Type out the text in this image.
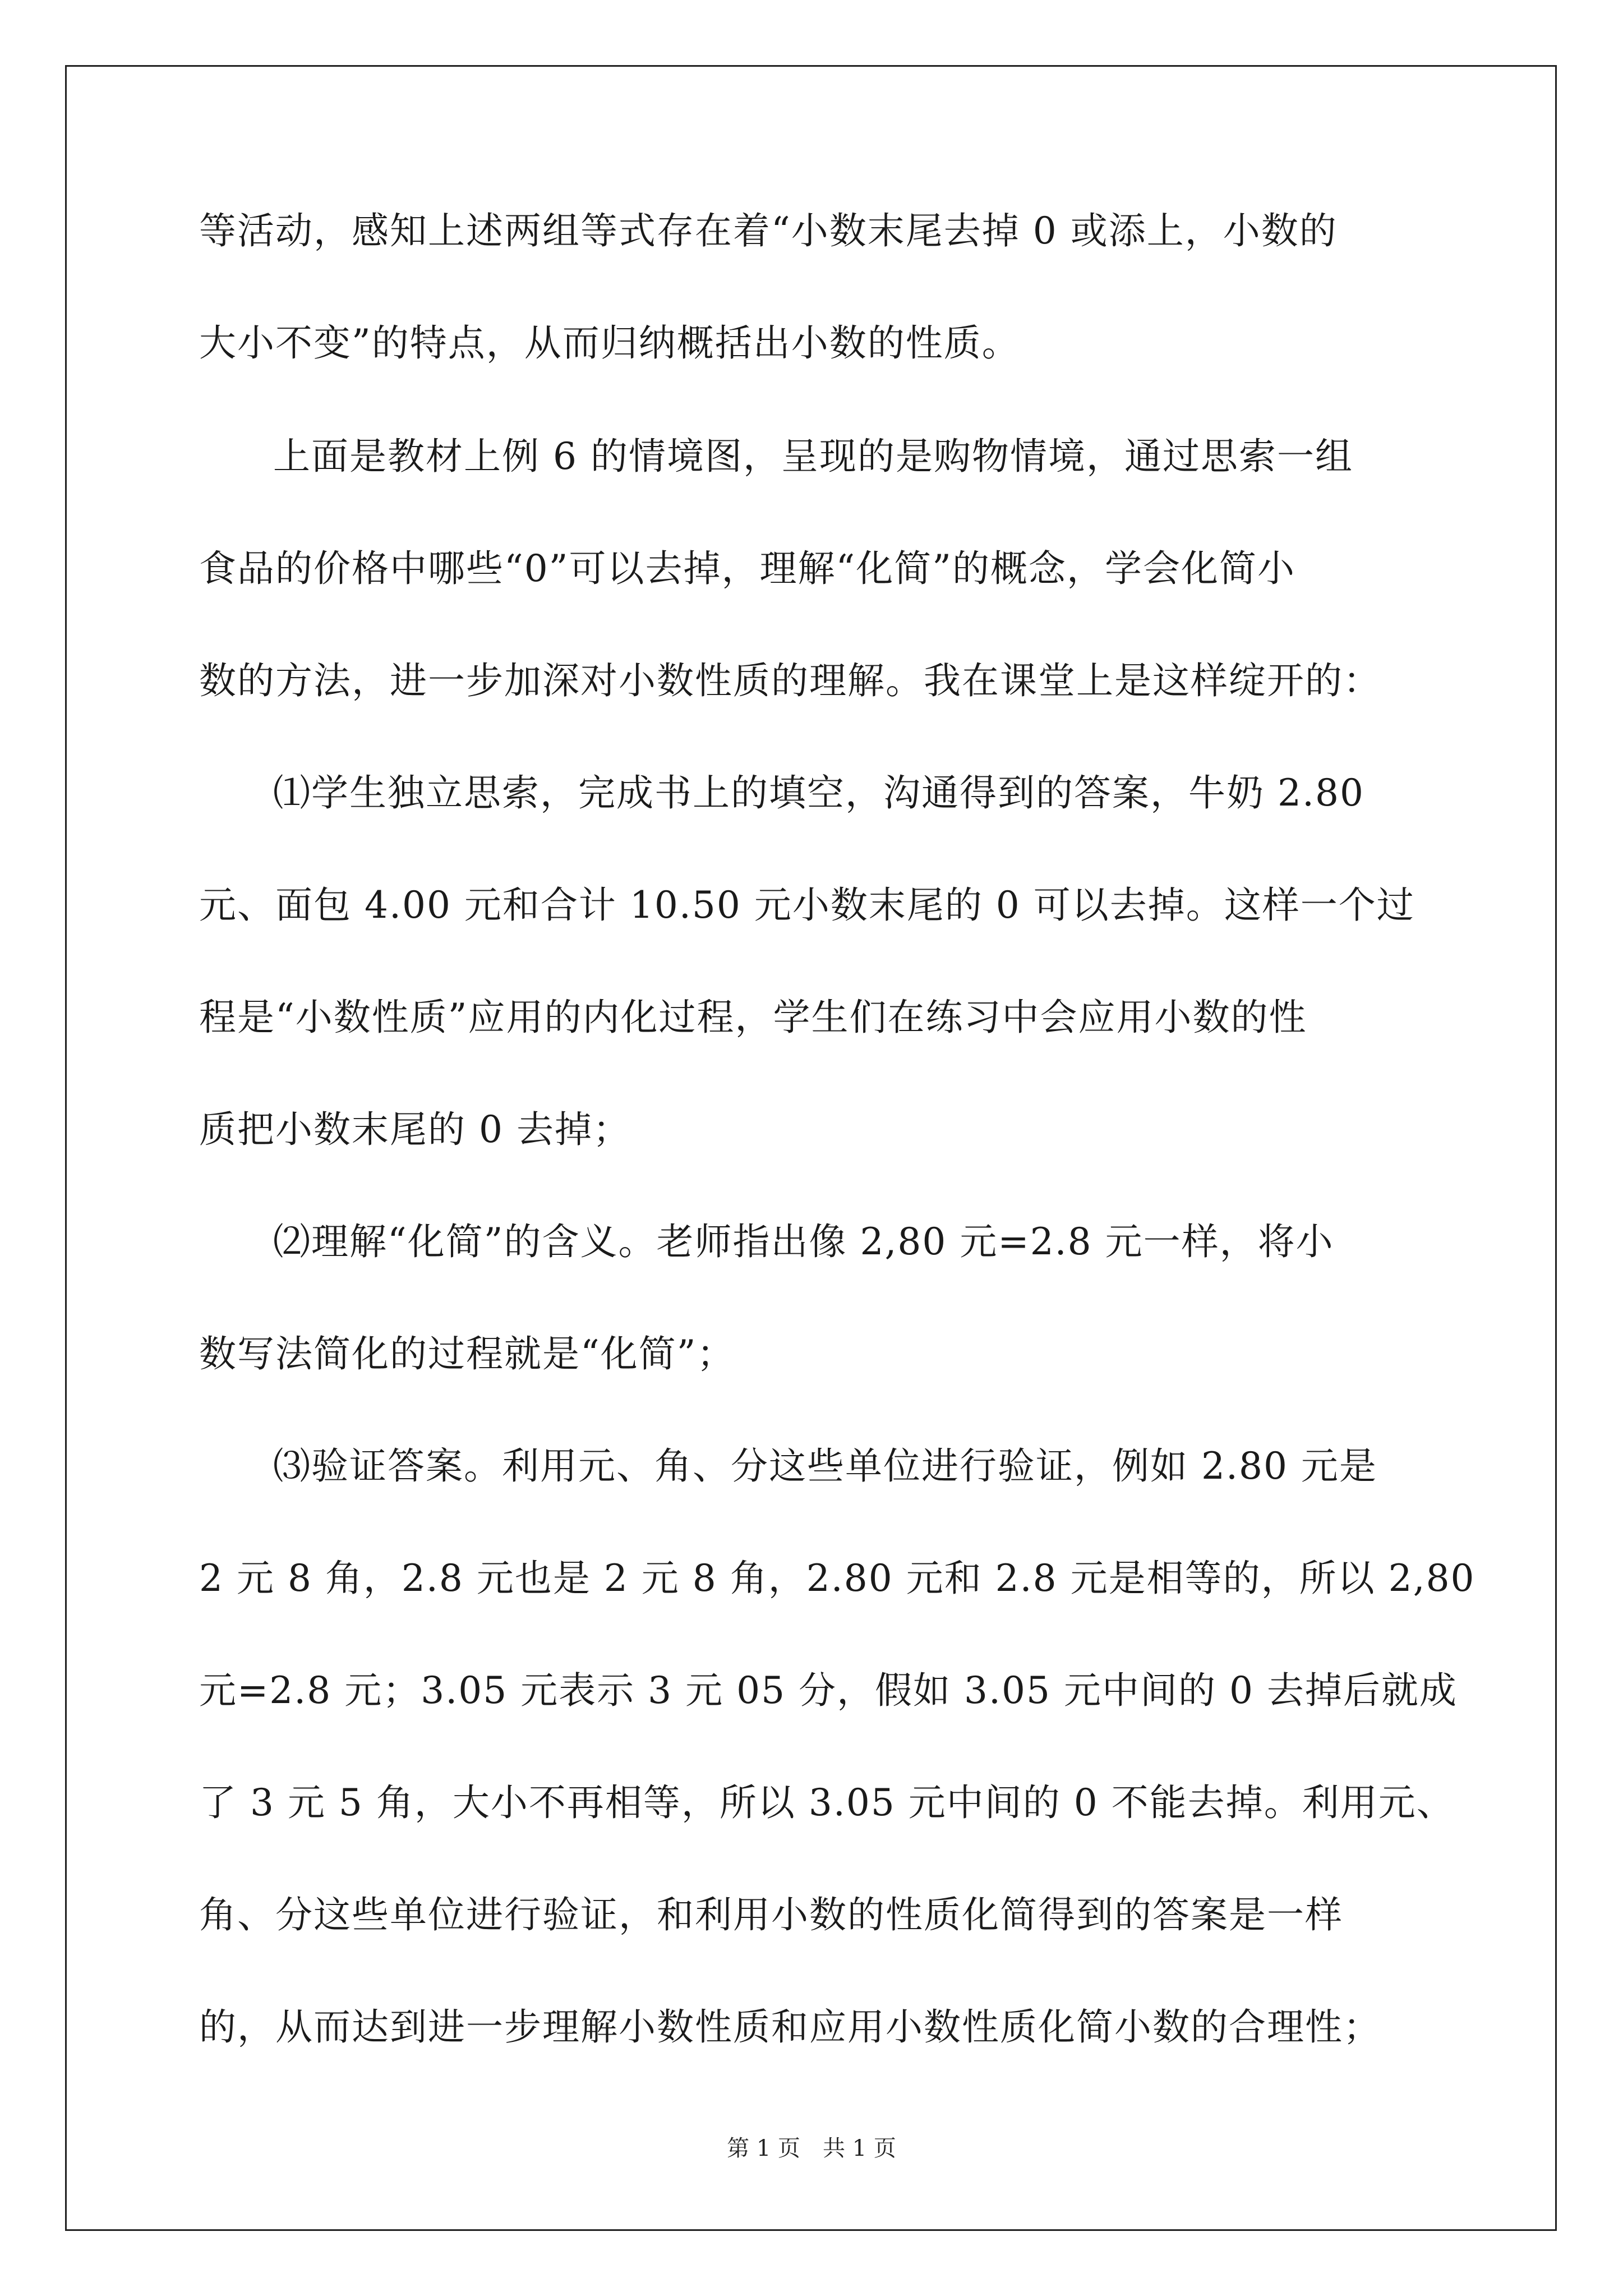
等活动，感知上述两组等式存在着“小数末尾去掉 0 或添上，小数的
大小不变”的特点，从而归纳概括出小数的性质。
上面是教材上例 6 的情境图，呈现的是购物情境，通过思索一组
食品的价格中哪些“0”可以去掉，理解“化简”的概念，学会化简小
数的方法，进一步加深对小数性质的理解。我在课堂上是这样绽开的：
⑴学生独立思索，完成书上的填空，沟通得到的答案，牛奶 2.80
元、面包 4.00 元和合计 10.50 元小数末尾的 0 可以去掉。这样一个过
程是“小数性质”应用的内化过程，学生们在练习中会应用小数的性
质把小数末尾的 0 去掉；
⑵理解“化简”的含义。老师指出像 2,80 元=2.8 元一样，将小
数写法简化的过程就是“化简”；
⑶验证答案。利用元、角、分这些单位进行验证，例如 2.80 元是
2 元 8 角，2.8 元也是 2 元 8 角，2.80 元和 2.8 元是相等的，所以 2,80
元=2.8 元；3.05 元表示 3 元 05 分，假如 3.05 元中间的 0 去掉后就成
了 3 元 5 角，大小不再相等，所以 3.05 元中间的 0 不能去掉。利用元、
角、分这些单位进行验证，和利用小数的性质化简得到的答案是一样
的，从而达到进一步理解小数性质和应用小数性质化简小数的合理性；
第 1 页 共 1 页
